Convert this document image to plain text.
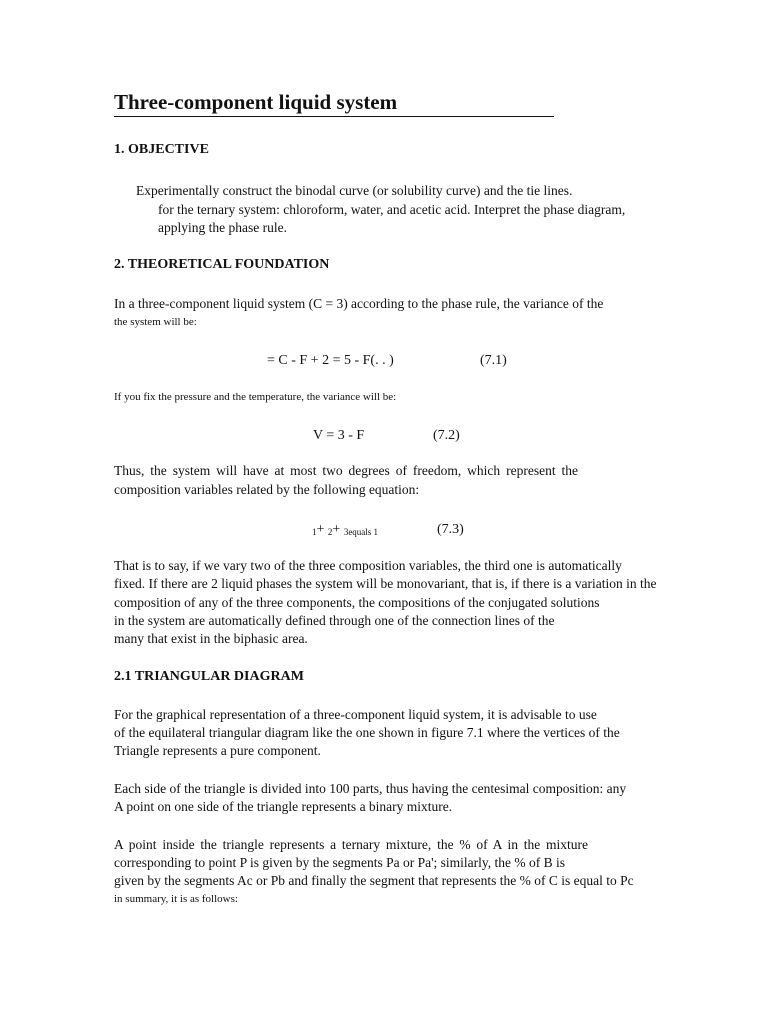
Three-component liquid system
1. OBJECTIVE
Experimentally construct the binodal curve (or solubility curve) and the tie lines.
for the ternary system: chloroform, water, and acetic acid. Interpret the phase diagram,
applying the phase rule.
2. THEORETICAL FOUNDATION
In a three-component liquid system (C = 3) according to the phase rule, the variance of the
the system will be:
= C - F + 2 = 5 - F(. . )	(7.1)
If you fix the pressure and the temperature, the variance will be:
V = 3 - F	(7.2)
Thus, the system will have at most two degrees of freedom, which represent the
composition variables related by the following equation:
$_1$+ $_2$+ $_{3equals 1}$	(7.3)
That is to say, if we vary two of the three composition variables, the third one is automatically
fixed. If there are 2 liquid phases the system will be monovariant, that is, if there is a variation in the
composition of any of the three components, the compositions of the conjugated solutions
in the system are automatically defined through one of the connection lines of the
many that exist in the biphasic area.
2.1 TRIANGULAR DIAGRAM
For the graphical representation of a three-component liquid system, it is advisable to use
of the equilateral triangular diagram like the one shown in figure 7.1 where the vertices of the
Triangle represents a pure component.
Each side of the triangle is divided into 100 parts, thus having the centesimal composition: any
A point on one side of the triangle represents a binary mixture.
A point inside the triangle represents a ternary mixture, the % of A in the mixture
corresponding to point P is given by the segments Pa or Pa'; similarly, the % of B is
given by the segments Ac or Pb and finally the segment that represents the % of C is equal to Pc
in summary, it is as follows:
